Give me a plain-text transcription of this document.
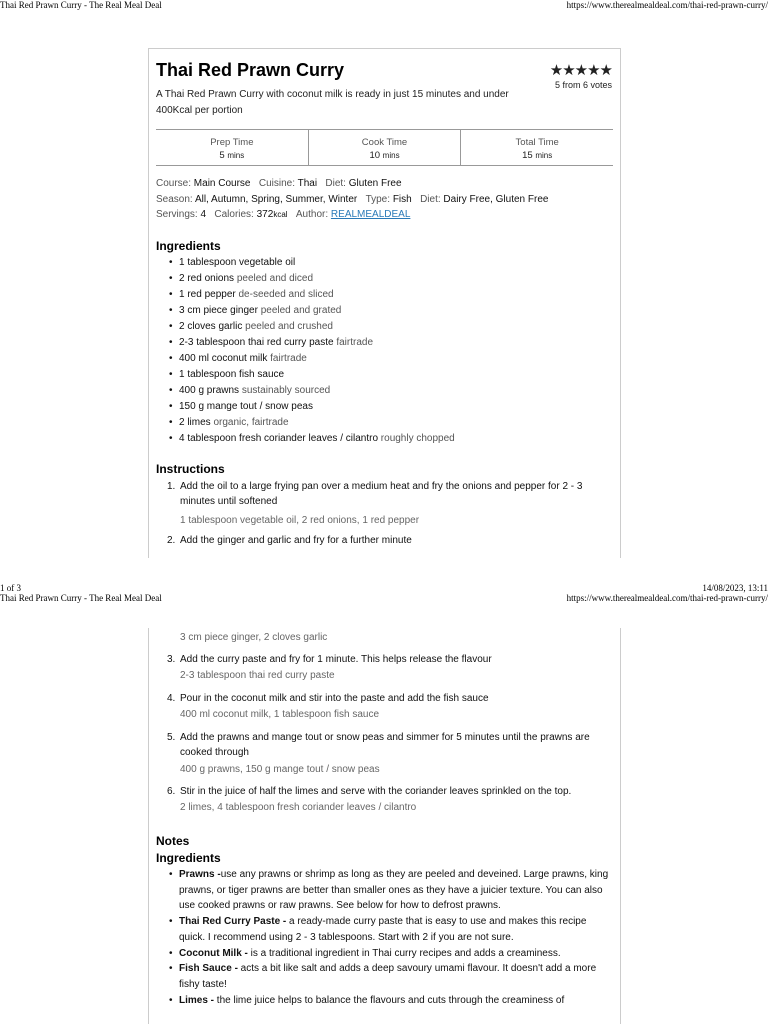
Thai Red Prawn Curry - The Real Meal Deal	https://www.therealmealdeal.com/thai-red-prawn-curry/
1 of 3	14/08/2023, 13:11
Thai Red Prawn Curry - The Real Meal Deal	https://www.therealmealdeal.com/thai-red-prawn-curry/
Thai Red Prawn Curry	★★★★★
5 from 6 votes
A Thai Red Prawn Curry with coconut milk is ready in just 15 minutes and under 400Kcal per portion
Prep Time
5 mins
Cook Time
10 mins
Total Time
15 mins
Course: Main Course Cuisine: Thai Diet: Gluten Free
Season: All, Autumn, Spring, Summer, Winter Type: Fish Diet: Dairy Free, Gluten Free
Servings: 4 Calories: 372kcal Author: REALMEALDEAL
Ingredients
• 1 tablespoon vegetable oil
• 2 red onions peeled and diced
• 1 red pepper de-seeded and sliced
• 3 cm piece ginger peeled and grated
• 2 cloves garlic peeled and crushed
• 2-3 tablespoon thai red curry paste fairtrade
• 400 ml coconut milk fairtrade
• 1 tablespoon fish sauce
• 400 g prawns sustainably sourced
• 150 g mange tout / snow peas
• 2 limes organic, fairtrade
• 4 tablespoon fresh coriander leaves / cilantro roughly chopped
Instructions
1. Add the oil to a large frying pan over a medium heat and fry the onions and pepper for 2 - 3 minutes until softened
1 tablespoon vegetable oil, 2 red onions, 1 red pepper
2. Add the ginger and garlic and fry for a further minute
3 cm piece ginger, 2 cloves garlic
3. Add the curry paste and fry for 1 minute. This helps release the flavour
2-3 tablespoon thai red curry paste
4. Pour in the coconut milk and stir into the paste and add the fish sauce
400 ml coconut milk, 1 tablespoon fish sauce
5. Add the prawns and mange tout or snow peas and simmer for 5 minutes until the prawns are cooked through
400 g prawns, 150 g mange tout / snow peas
6. Stir in the juice of half the limes and serve with the coriander leaves sprinkled on the top.
2 limes, 4 tablespoon fresh coriander leaves / cilantro
Notes
Ingredients
• Prawns -use any prawns or shrimp as long as they are peeled and deveined. Large prawns, king prawns, or tiger prawns are better than smaller ones as they have a juicier texture. You can also use cooked prawns or raw prawns. See below for how to defrost prawns.
• Thai Red Curry Paste - a ready-made curry paste that is easy to use and makes this recipe quick. I recommend using 2 - 3 tablespoons. Start with 2 if you are not sure.
• Coconut Milk - is a traditional ingredient in Thai curry recipes and adds a creaminess.
• Fish Sauce - acts a bit like salt and adds a deep savoury umami flavour. It doesn't add a more fishy taste!
• Limes - the lime juice helps to balance the flavours and cuts through the creaminess of
